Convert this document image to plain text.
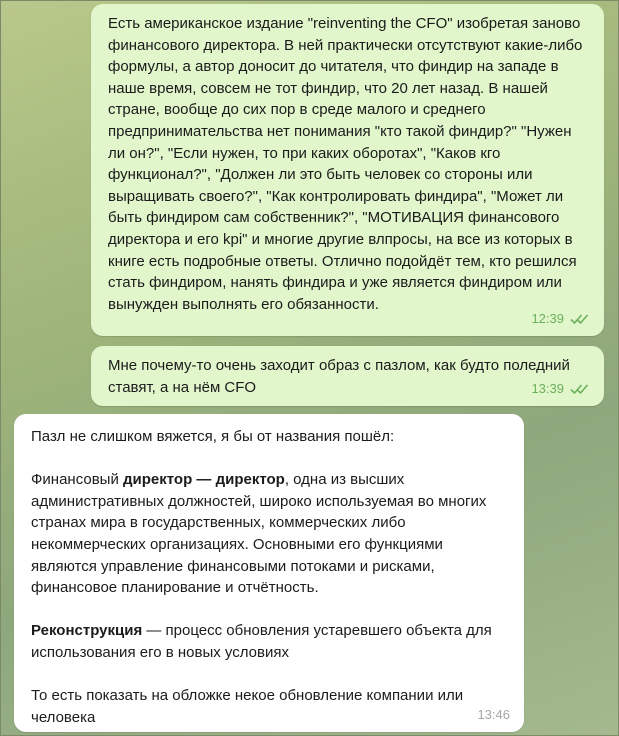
Есть американское издание "reinventing the CFO" изобретая заново финансового директора. В ней практически отсутствуют какие-либо формулы, а автор доносит до читателя, что финдир на западе в наше время, совсем не тот финдир, что 20 лет назад. В нашей стране, вообще до сих пор в среде малого и среднего предпринимательства нет понимания "кто такой финдир?" "Нужен ли он?", "Если нужен, то при каких оборотах", "Каков кго функционал?", "Должен ли это быть человек со стороны или выращивать своего?", "Как контролировать финдира", "Может ли быть финдиром сам собственник?", "МОТИВАЦИЯ финансового директора и его kpi" и многие другие влпросы, на все из которых в книге есть подробные ответы. Отлично подойдёт тем, кто решился стать финдиром, нанять финдира и уже является финдиром или вынужден выполнять его обязанности.

12:39

Мне почему-то очень заходит образ с пазлом, как будто поледний ставят, а на нём CFO	13:39

Пазл не слишком вяжется, я бы от названия пошёл:

Финансовый директор — директор, одна из высших административных должностей, широко используемая во многих странах мира в государственных, коммерческих либо некоммерческих организациях. Основными его функциями являются управление финансовыми потоками и рисками, финансовое планирование и отчётность.

Реконструкция — процесс обновления устаревшего объекта для использования его в новых условиях

То есть показать на обложке некое обновление компании или человека	13:46
